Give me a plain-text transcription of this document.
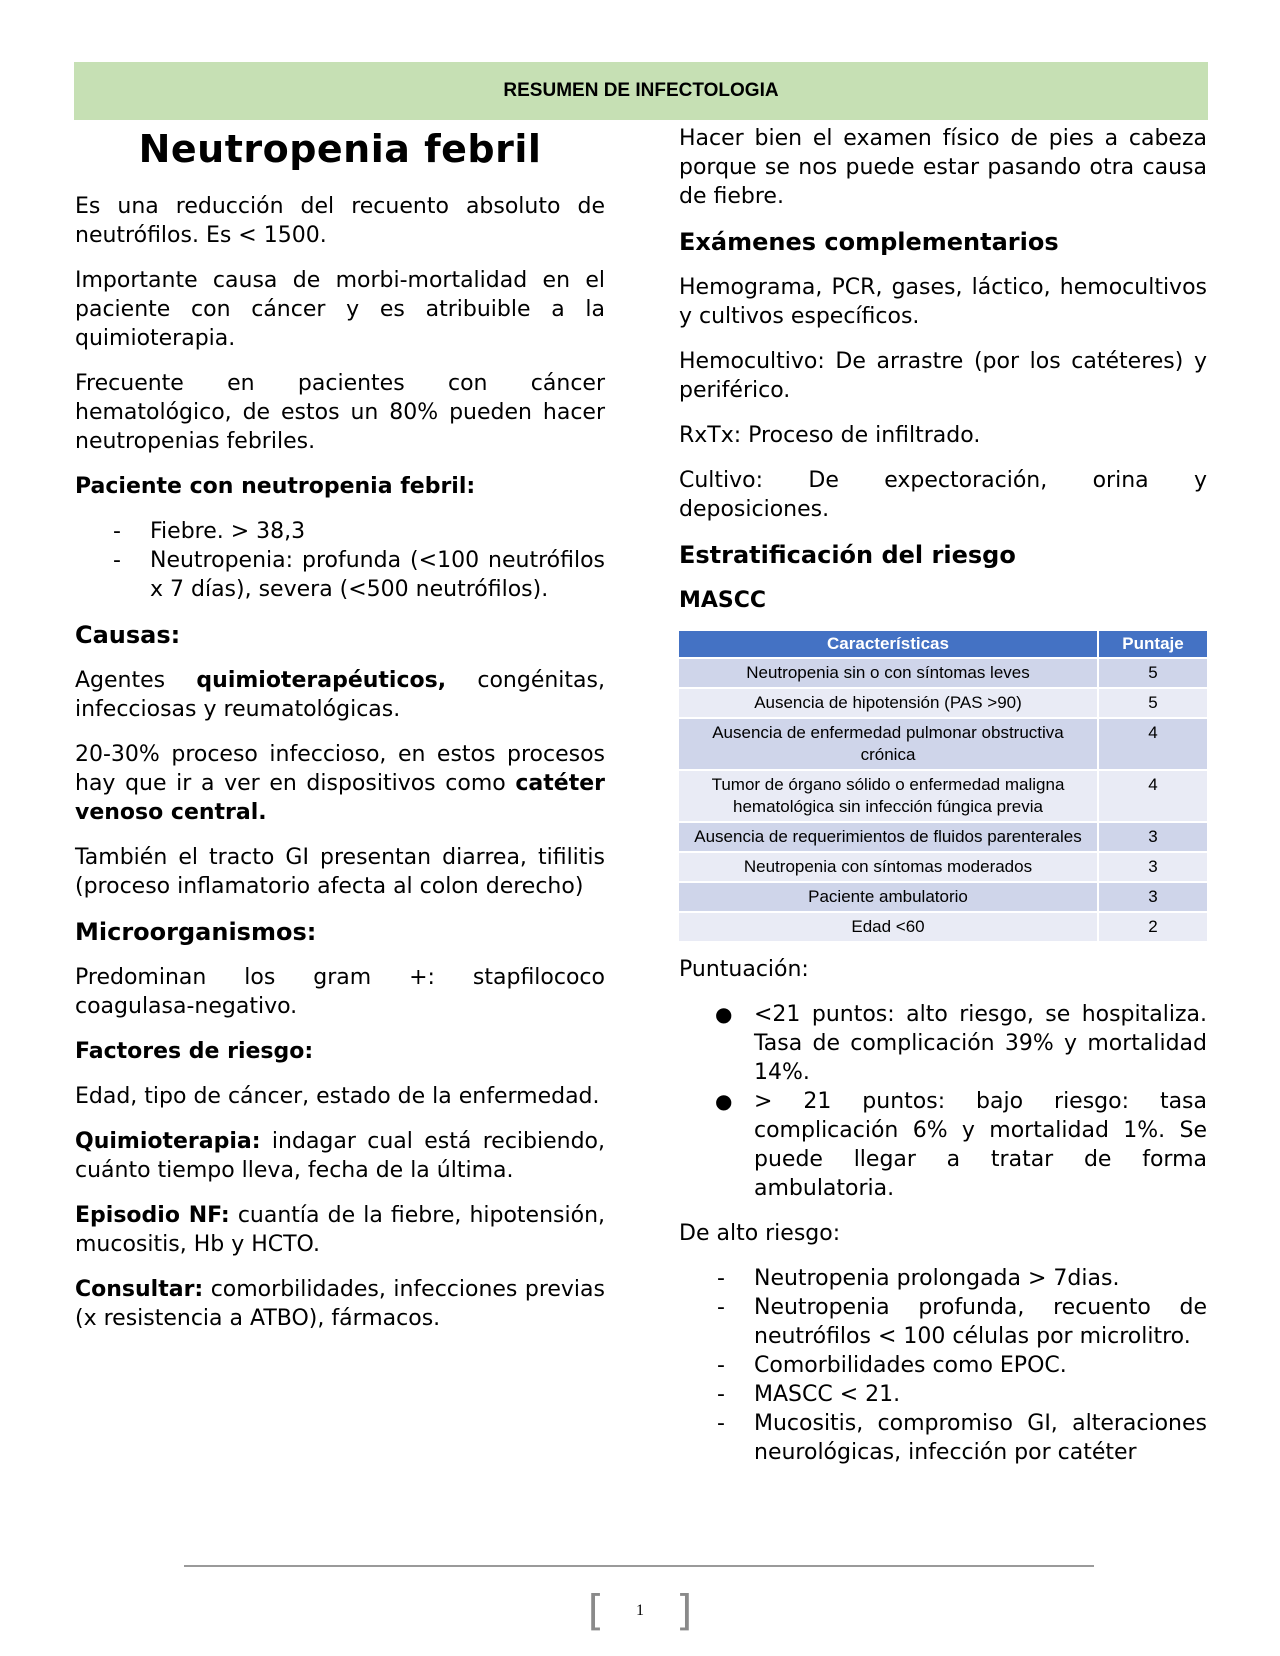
RESUMEN DE INFECTOLOGIA
Neutropenia febril

Es una reducción del recuento absoluto de neutrófilos. Es < 1500.

Importante causa de morbi-mortalidad en el paciente con cáncer y es atribuible a la quimioterapia.

Frecuente en pacientes con cáncer hematológico, de estos un 80% pueden hacer neutropenias febriles.

Paciente con neutropenia febril:
- Fiebre. > 38,3
- Neutropenia: profunda (<100 neutrófilos x 7 días), severa (<500 neutrófilos).
Causas:

Agentes quimioterapéuticos, congénitas, infecciosas y reumatológicas.

20-30% proceso infeccioso, en estos procesos hay que ir a ver en dispositivos como catéter venoso central.

También el tracto GI presentan diarrea, tifilitis (proceso inflamatorio afecta al colon derecho)

Microorganismos:

Predominan los gram +: stapfilococo coagulasa-negativo.

Factores de riesgo:

Edad, tipo de cáncer, estado de la enfermedad.

Quimioterapia: indagar cual está recibiendo, cuánto tiempo lleva, fecha de la última.

Episodio NF: cuantía de la fiebre, hipotensión, mucositis, Hb y HCTO.

Consultar: comorbilidades, infecciones previas (x resistencia a ATBO), fármacos.

Hacer bien el examen físico de pies a cabeza porque se nos puede estar pasando otra causa de fiebre.

Exámenes complementarios

Hemograma, PCR, gases, láctico, hemocultivos y cultivos específicos.

Hemocultivo: De arrastre (por los catéteres) y periférico.

RxTx: Proceso de infiltrado.

Cultivo: De expectoración, orina y deposiciones.

Estratificación del riesgo
MASCC
Características	Puntaje
Neutropenia sin o con síntomas leves	5
Ausencia de hipotensión (PAS >90)	5
Ausencia de enfermedad pulmonar obstructiva crónica	4
Tumor de órgano sólido o enfermedad maligna hematológica sin infección fúngica previa	4
Ausencia de requerimientos de fluidos parenterales	3
Neutropenia con síntomas moderados	3
Paciente ambulatorio	3
Edad <60	2

Puntuación:

● <21 puntos: alto riesgo, se hospitaliza. Tasa de complicación 39% y mortalidad 14%.
● > 21 puntos: bajo riesgo: tasa complicación 6% y mortalidad 1%. Se puede llegar a tratar de forma ambulatoria.

De alto riesgo:

- Neutropenia prolongada > 7dias.
- Neutropenia profunda, recuento de neutrófilos < 100 células por microlitro.
- Comorbilidades como EPOC.
- MASCC < 21.
- Mucositis, compromiso GI, alteraciones neurológicas, infección por catéter
[ 1 ]
